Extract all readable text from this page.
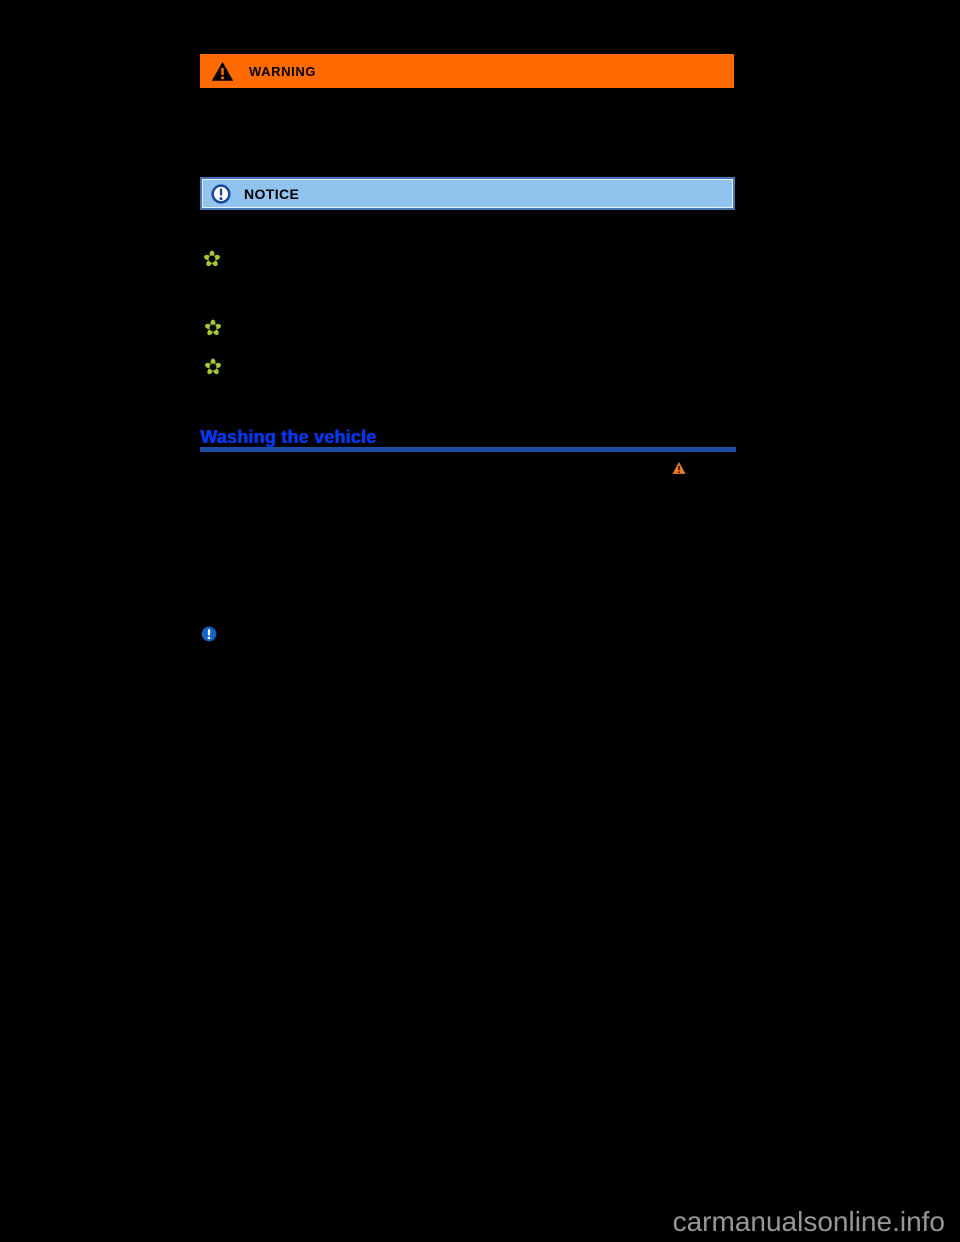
WARNING
NOTICE
Washing the vehicle
carmanualsonline.info
